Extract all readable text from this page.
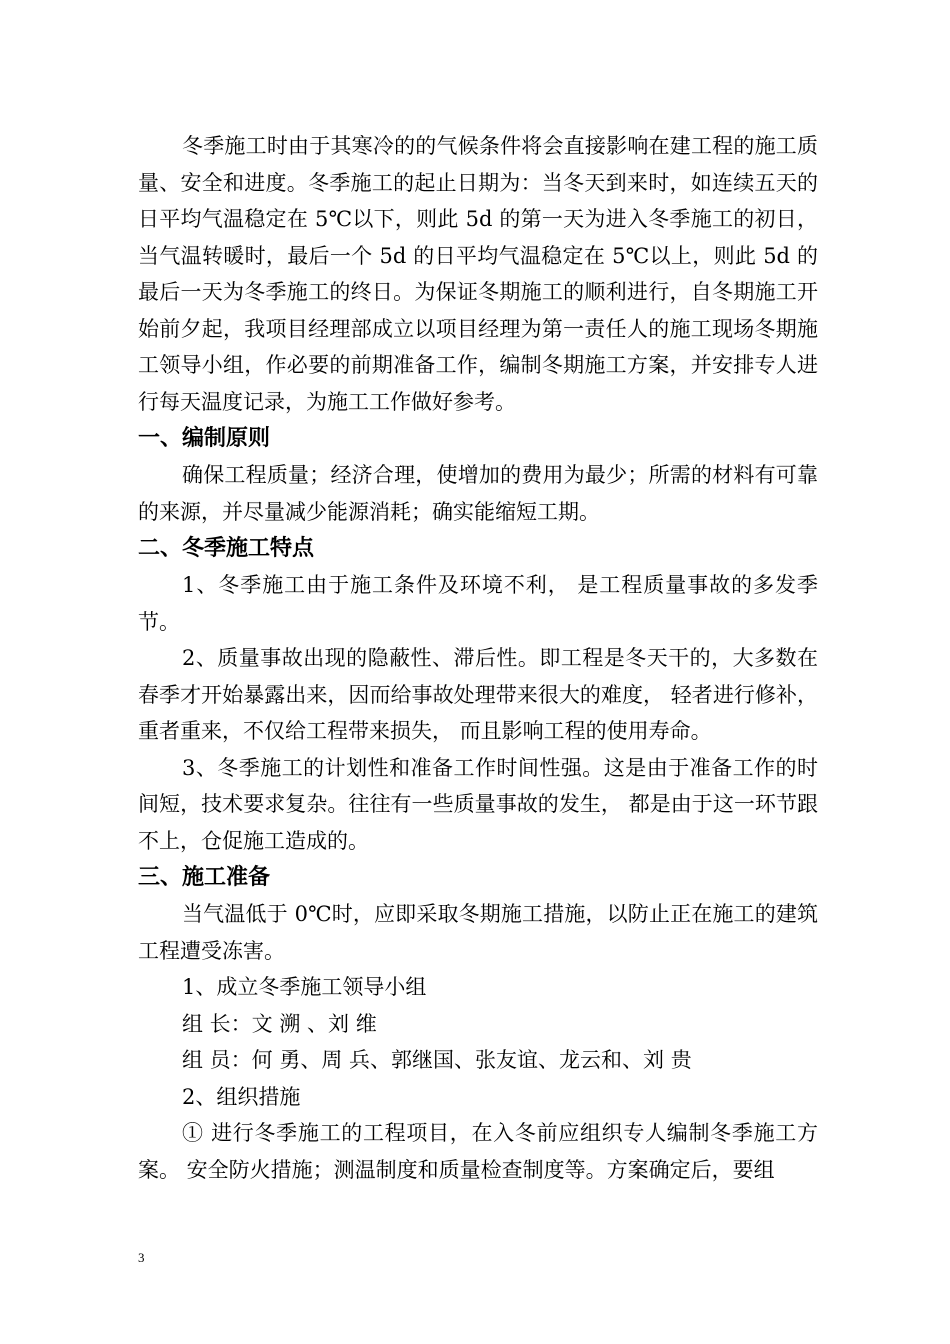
冬季施工时由于其寒冷的的气候条件将会直接影响在建工程的施工质量、安全和进度。冬季施工的起止日期为：当冬天到来时，如连续五天的日平均气温稳定在 5℃以下，则此 5d 的第一天为进入冬季施工的初日，当气温转暖时，最后一个 5d 的日平均气温稳定在 5℃以上，则此 5d 的最后一天为冬季施工的终日。为保证冬期施工的顺利进行，自冬期施工开始前夕起，我项目经理部成立以项目经理为第一责任人的施工现场冬期施工领导小组，作必要的前期准备工作，编制冬期施工方案，并安排专人进行每天温度记录，为施工工作做好参考。

一、编制原则

确保工程质量；经济合理，使增加的费用为最少；所需的材料有可靠的来源，并尽量减少能源消耗；确实能缩短工期。

二、冬季施工特点

1、冬季施工由于施工条件及环境不利， 是工程质量事故的多发季节。

2、质量事故出现的隐蔽性、滞后性。即工程是冬天干的，大多数在春季才开始暴露出来，因而给事故处理带来很大的难度， 轻者进行修补，重者重来，不仅给工程带来损失， 而且影响工程的使用寿命。

3、冬季施工的计划性和准备工作时间性强。这是由于准备工作的时间短，技术要求复杂。往往有一些质量事故的发生， 都是由于这一环节跟不上，仓促施工造成的。

三、施工准备

当气温低于 0℃时，应即采取冬期施工措施，以防止正在施工的建筑工程遭受冻害。

1、成立冬季施工领导小组

组 长：文 溯 、刘 维

组 员：何 勇、周 兵、郭继国、张友谊、龙云和、刘 贵

2、组织措施

① 进行冬季施工的工程项目，在入冬前应组织专人编制冬季施工方案。 安全防火措施；测温制度和质量检查制度等。方案确定后，要组

3
